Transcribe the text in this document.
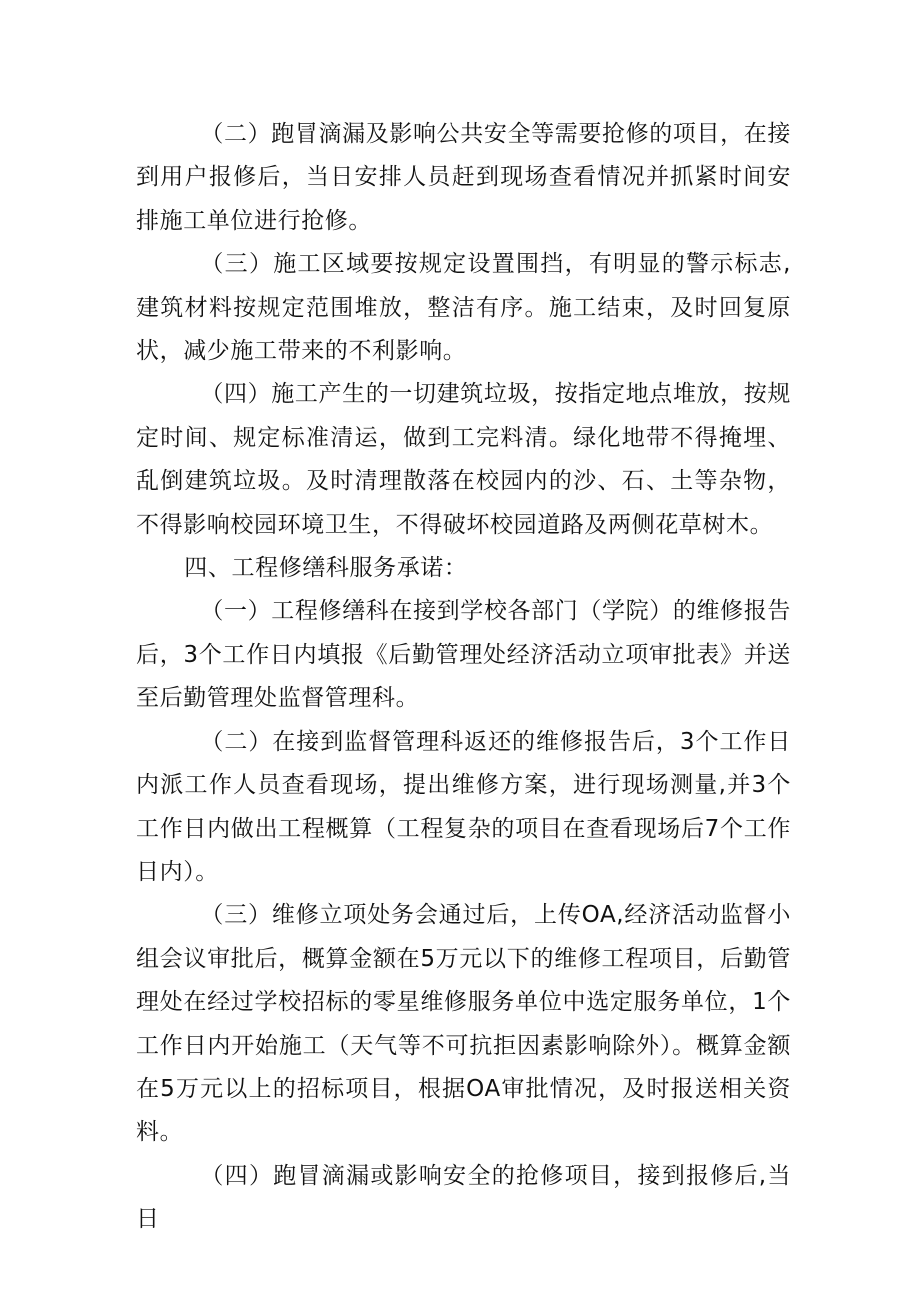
（二）跑冒滴漏及影响公共安全等需要抢修的项目，在接到用户报修后，当日安排人员赶到现场查看情况并抓紧时间安排施工单位进行抢修。

（三）施工区域要按规定设置围挡，有明显的警示标志,建筑材料按规定范围堆放，整洁有序。施工结束，及时回复原状，减少施工带来的不利影响。

（四）施工产生的一切建筑垃圾，按指定地点堆放，按规定时间、规定标准清运，做到工完料清。绿化地带不得掩埋、乱倒建筑垃圾。及时清理散落在校园内的沙、石、土等杂物，不得影响校园环境卫生，不得破坏校园道路及两侧花草树木。

四、工程修缮科服务承诺：

（一）工程修缮科在接到学校各部门（学院）的维修报告后，3个工作日内填报《后勤管理处经济活动立项审批表》并送至后勤管理处监督管理科。

（二）在接到监督管理科返还的维修报告后，3个工作日内派工作人员查看现场，提出维修方案，进行现场测量,并3个工作日内做出工程概算（工程复杂的项目在查看现场后7个工作日内）。

（三）维修立项处务会通过后，上传OA,经济活动监督小组会议审批后，概算金额在5万元以下的维修工程项目，后勤管理处在经过学校招标的零星维修服务单位中选定服务单位，1个工作日内开始施工（天气等不可抗拒因素影响除外）。概算金额在5万元以上的招标项目，根据OA审批情况，及时报送相关资料。

（四）跑冒滴漏或影响安全的抢修项目，接到报修后,当日
